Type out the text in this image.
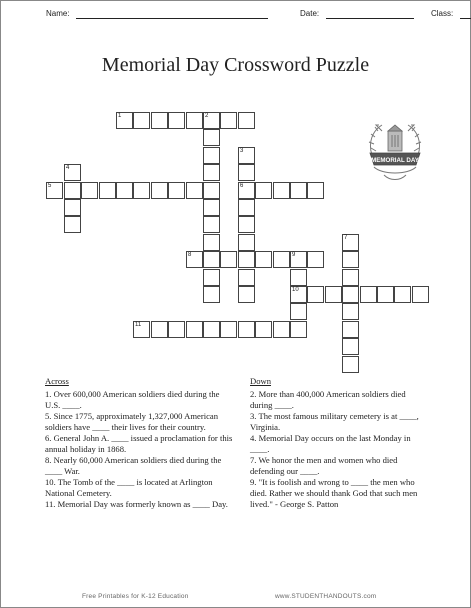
Name:	Date:	Class:
Memorial Day Crossword Puzzle
1	2
3
6
4
5
7
8	9
10
11
MEMORIAL DAY
Across

1. Over 600,000 American soldiers died during the U.S. ____.

5. Since 1775, approximately 1,327,000 American soldiers have ____ their lives for their country.

6. General John A. ____ issued a proclamation for this annual holiday in 1868.

8. Nearly 60,000 American soldiers died during the ____ War.

10. The Tomb of the ____ is located at Arlington National Cemetery.

11. Memorial Day was formerly known as ____ Day.

Down

2. More than 400,000 American soldiers died during ____.

3. The most famous military cemetery is at ____, Virginia.

4. Memorial Day occurs on the last Monday in ____.

7. We honor the men and women who died defending our ____.

9. "It is foolish and wrong to ____ the men who died. Rather we should thank God that such men lived." - George S. Patton

Free Printables for K-12 Education	www.STUDENTHANDOUTS.com
